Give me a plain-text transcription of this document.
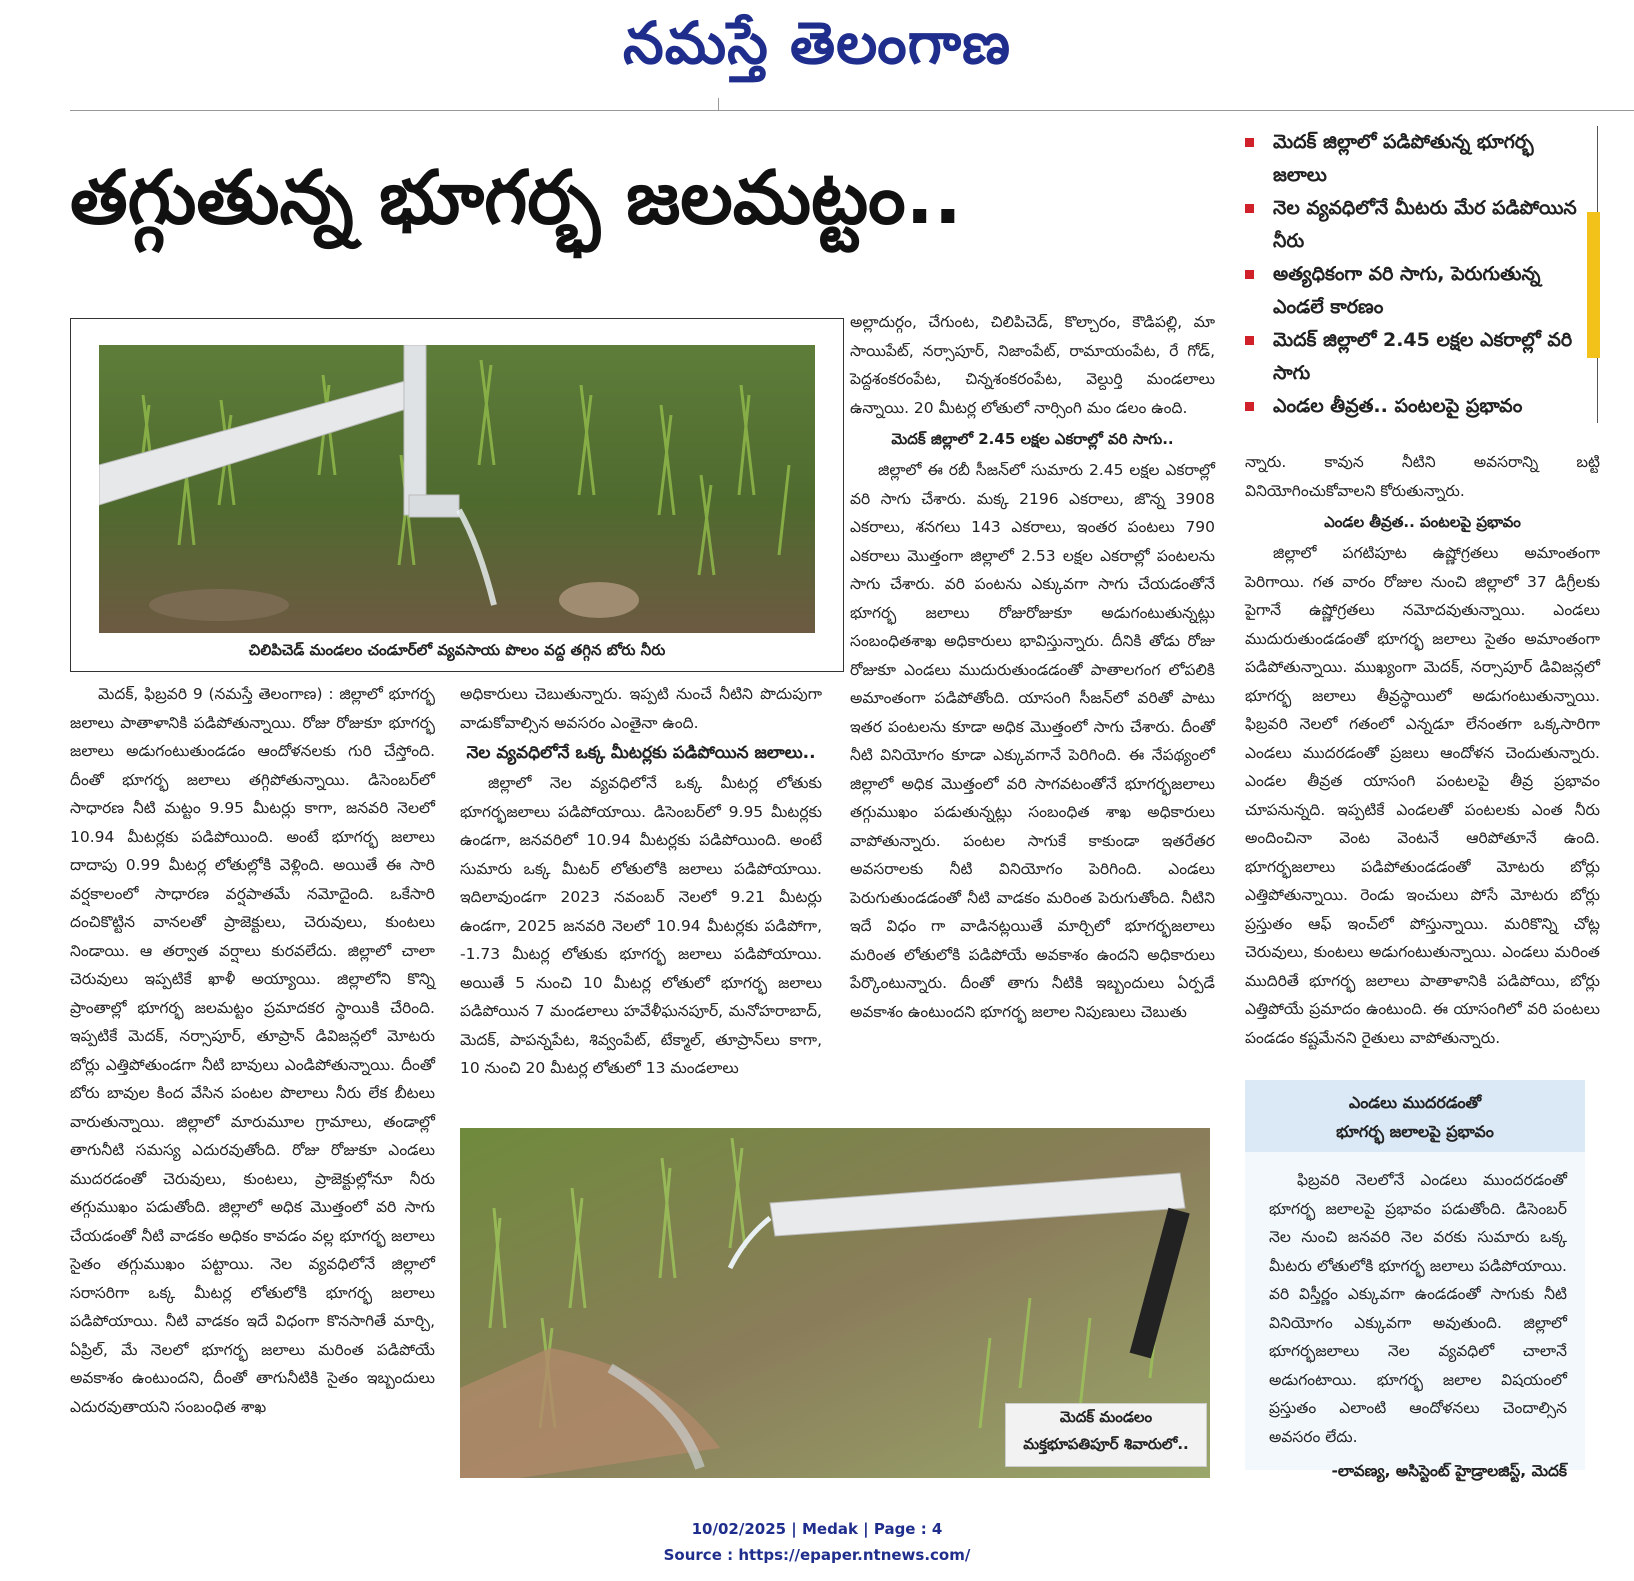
నమస్తే తెలంగాణ
తగ్గుతున్న భూగర్భ జలమట్టం..
మెదక్ జిల్లాలో పడిపోతున్న భూగర్భ జలాలు
నెల వ్యవధిలోనే మీటరు మేర పడిపోయిన నీరు
అత్యధికంగా వరి సాగు, పెరుగుతున్న ఎండలే కారణం
మెదక్ జిల్లాలో 2.45 లక్షల ఎకరాల్లో వరి సాగు
ఎండల తీవ్రత.. పంటలపై ప్రభావం
చిలిపిచెడ్ మండలం చండూర్‌లో వ్యవసాయ పొలం వద్ద తగ్గిన బోరు నీరు

మెదక్, ఫిబ్రవరి 9 (నమస్తే తెలంగాణ) : జిల్లాలో భూగర్భ జలాలు పాతాళానికి పడిపోతున్నాయి. రోజు రోజుకూ భూగర్భ జలాలు అడుగంటుతుండడం ఆందోళనలకు గురి చేస్తోంది. దీంతో భూగర్భ జలాలు తగ్గిపోతున్నాయి. డిసెంబర్‌లో సాధారణ నీటి మట్టం 9.95 మీటర్లు కాగా, జనవరి నెలలో 10.94 మీటర్లకు పడిపోయింది. అంటే భూగర్భ జలాలు దాదాపు 0.99 మీటర్ల లోతుల్లోకి వెళ్లింది. అయితే ఈ సారి వర్షకాలంలో సాధారణ వర్షపాతమే నమోదైంది. ఒకేసారి దంచికొట్టిన వానలతో ప్రాజెక్టులు, చెరువులు, కుంటలు నిండాయి. ఆ తర్వాత వర్షాలు కురవలేదు. జిల్లాలో చాలా చెరువులు ఇప్పటికే ఖాళీ అయ్యాయి. జిల్లాలోని కొన్ని ప్రాంతాల్లో భూగర్భ జలమట్టం ప్రమాదకర స్థాయికి చేరింది. ఇప్పటికే మెదక్, నర్సాపూర్, తూప్రాన్ డివిజన్లలో మోటరు బోర్లు ఎత్తిపోతుండగా నీటి బావులు ఎండిపోతున్నాయి. దీంతో బోరు బావుల కింద వేసిన పంటల పొలాలు నీరు లేక బీటలు వారుతున్నాయి. జిల్లాలో మారుమూల గ్రామాలు, తండాల్లో తాగునీటి సమస్య ఎదురవుతోంది. రోజు రోజుకూ ఎండలు ముదరడంతో చెరువులు, కుంటలు, ప్రాజెక్టుల్లోనూ నీరు తగ్గుముఖం పడుతోంది. జిల్లాలో అధిక మొత్తంలో వరి సాగు చేయడంతో నీటి వాడకం అధికం కావడం వల్ల భూగర్భ జలాలు సైతం తగ్గుముఖం పట్టాయి. నెల వ్యవధిలోనే జిల్లాలో సరాసరిగా ఒక్క మీటర్ల లోతులోకి భూగర్భ జలాలు పడిపోయాయి. నీటి వాడకం ఇదే విధంగా కొనసాగితే మార్చి, ఏప్రిల్, మే నెలలో భూగర్భ జలాలు మరింత పడిపోయే అవకాశం ఉంటుందని, దీంతో తాగునీటికి సైతం ఇబ్బందులు ఎదురవుతాయని సంబంధిత శాఖ

అధికారులు చెబుతున్నారు. ఇప్పటి నుంచే నీటిని పొదుపుగా వాడుకోవాల్సిన అవసరం ఎంతైనా ఉంది.

నెల వ్యవధిలోనే ఒక్క మీటర్లకు పడిపోయిన జలాలు..

జిల్లాలో నెల వ్యవధిలోనే ఒక్క మీటర్ల లోతుకు భూగర్భజలాలు పడిపోయాయి. డిసెంబర్‌లో 9.95 మీటర్లకు ఉండగా, జనవరిలో 10.94 మీటర్లకు పడిపోయింది. అంటే సుమారు ఒక్క మీటర్ లోతులోకి జలాలు పడిపోయాయి. ఇదిలావుండగా 2023 నవంబర్ నెలలో 9.21 మీటర్లు ఉండగా, 2025 జనవరి నెలలో 10.94 మీటర్లకు పడిపోగా, -1.73 మీటర్ల లోతుకు భూగర్భ జలాలు పడిపోయాయి. అయితే 5 నుంచి 10 మీటర్ల లోతులో భూగర్భ జలాలు పడిపోయిన 7 మండలాలు హవేళీఘనపూర్, మనోహరాబాద్, మెదక్, పాపన్నపేట, శివ్వంపేట్, టేక్మాల్, తూప్రాన్‌లు కాగా, 10 నుంచి 20 మీటర్ల లోతులో 13 మండలాలు

అల్లాదుర్గం, చేగుంట, చిలిపిచెడ్, కొల్చారం, కౌడిపల్లి, మా సాయిపేట్, నర్సాపూర్, నిజాంపేట్, రామాయంపేట, రే గోడ్, పెద్దశంకరంపేట, చిన్నశంకరంపేట, వెల్దుర్తి మండలాలు ఉన్నాయి. 20 మీటర్ల లోతులో నార్సింగి మం డలం ఉంది.

మెదక్ జిల్లాలో 2.45 లక్షల ఎకరాల్లో వరి సాగు..

జిల్లాలో ఈ రబీ సీజన్‌లో సుమారు 2.45 లక్షల ఎకరాల్లో వరి సాగు చేశారు. మక్క 2196 ఎకరాలు, జొన్న 3908 ఎకరాలు, శనగలు 143 ఎకరాలు, ఇంతర పంటలు 790 ఎకరాలు మొత్తంగా జిల్లాలో 2.53 లక్షల ఎకరాల్లో పంటలను సాగు చేశారు. వరి పంటను ఎక్కువగా సాగు చేయడంతోనే భూగర్భ జలాలు రోజురోజుకూ అడుగంటుతున్నట్లు సంబంధితశాఖ అధికారులు భావిస్తున్నారు. దీనికి తోడు రోజు రోజుకూ ఎండలు ముదురుతుండడంతో పాతాలగంగ లోపలికి అమాంతంగా పడిపోతోంది. యాసంగి సీజన్‌లో వరితో పాటు ఇతర పంటలను కూడా అధిక మొత్తంలో సాగు చేశారు. దీంతో నీటి వినియోగం కూడా ఎక్కువగానే పెరిగింది. ఈ నేపథ్యంలో జిల్లాలో అధిక మొత్తంలో వరి సాగవటంతోనే భూగర్భజలాలు తగ్గుముఖం పడుతున్నట్లు సంబంధిత శాఖ అధికారులు వాపోతున్నారు. పంటల సాగుకే కాకుండా ఇతరేతర అవసరాలకు నీటి వినియోగం పెరిగింది. ఎండలు పెరుగుతుండడంతో నీటి వాడకం మరింత పెరుగుతోంది. నీటిని ఇదే విధం గా వాడినట్లయితే మార్చిలో భూగర్భజలాలు మరింత లోతులోకి పడిపోయే అవకాశం ఉందని అధికారులు పేర్కొంటున్నారు. దీంతో తాగు నీటికి ఇబ్బందులు ఏర్పడే అవకాశం ఉంటుందని భూగర్భ జలాల నిపుణులు చెబుతు

న్నారు. కావున నీటిని అవసరాన్ని బట్టి వినియోగించుకోవాలని కోరుతున్నారు.

ఎండల తీవ్రత.. పంటలపై ప్రభావం

జిల్లాలో పగటిపూట ఉష్ణోగ్రతలు అమాంతంగా పెరిగాయి. గత వారం రోజుల నుంచి జిల్లాలో 37 డిగ్రీలకు పైగానే ఉష్ణోగ్రతలు నమోదవుతున్నాయి. ఎండలు ముదురుతుండడంతో భూగర్భ జలాలు సైతం అమాంతంగా పడిపోతున్నాయి. ముఖ్యంగా మెదక్, నర్సాపూర్ డివిజన్లలో భూగర్భ జలాలు తీవ్రస్థాయిలో అడుగంటుతున్నాయి. ఫిబ్రవరి నెలలో గతంలో ఎన్నడూ లేనంతగా ఒక్కసారిగా ఎండలు ముదరడంతో ప్రజలు ఆందోళన చెందుతున్నారు. ఎండల తీవ్రత యాసంగి పంటలపై తీవ్ర ప్రభావం చూపనున్నది. ఇప్పటికే ఎండలతో పంటలకు ఎంత నీరు అందించినా వెంట వెంటనే ఆరిపోతూనే ఉంది. భూగర్భజలాలు పడిపోతుండడంతో మోటరు బోర్లు ఎత్తిపోతున్నాయి. రెండు ఇంచులు పోసే మోటరు బోర్లు ప్రస్తుతం ఆఫ్ ఇంచ్‌లో పోస్తున్నాయి. మరికొన్ని చోట్ల చెరువులు, కుంటలు అడుగంటుతున్నాయి. ఎండలు మరింత ముదిరితే భూగర్భ జలాలు పాతాళానికి పడిపోయి, బోర్లు ఎత్తిపోయే ప్రమాదం ఉంటుంది. ఈ యాసంగిలో వరి పంటలు పండడం కష్టమేనని రైతులు వాపోతున్నారు.

మెదక్ మండలం
మక్తభూపతిపూర్ శివారులో..
ఎండలు ముదరడంతో
భూగర్భ జలాలపై ప్రభావం

ఫిబ్రవరి నెలలోనే ఎండలు ముందరడంతో భూగర్భ జలాలపై ప్రభావం పడుతోంది. డిసెంబర్ నెల నుంచి జనవరి నెల వరకు సుమారు ఒక్క మీటరు లోతులోకి భూగర్భ జలాలు పడిపోయాయి. వరి విస్తీర్ణం ఎక్కువగా ఉండడంతో సాగుకు నీటి వినియోగం ఎక్కువగా అవుతుంది. జిల్లాలో భూగర్భజలాలు నెల వ్యవధిలో చాలానే అడుగంటాయి. భూగర్భ జలాల విషయంలో ప్రస్తుతం ఎలాంటి ఆందోళనలు చెందాల్సిన అవసరం లేదు.

-లావణ్య, అసిస్టెంట్ హైడ్రాలజిస్ట్, మెదక్
10/02/2025 | Medak | Page : 4
Source : https://epaper.ntnews.com/
